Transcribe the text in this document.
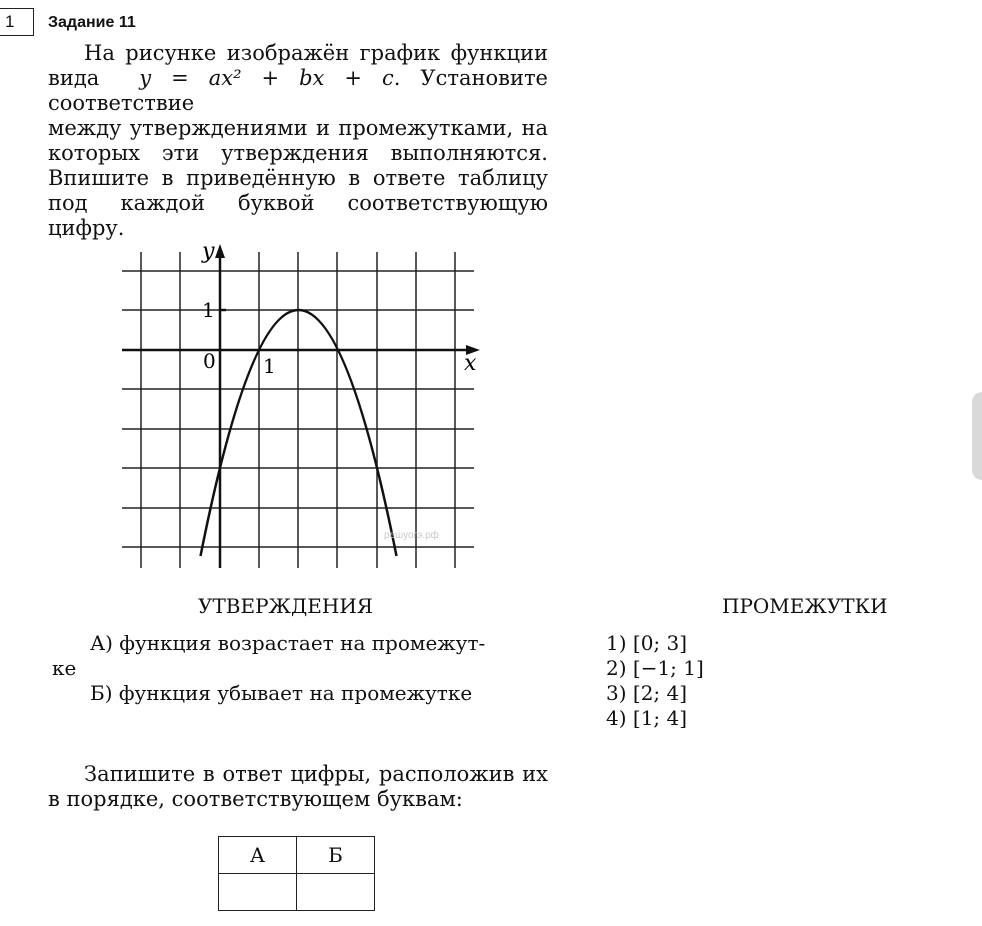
1	Задание 11
На рисунке изображён график функции
вида y = ax² + bx + c. Установите соответствие
между утверждениями и промежутками, на которых эти утверждения выполняются. Впишите в приведённую в ответе таблицу под каждой буквой соответствующую цифру.
y
x
0
1
1
решуогэ.рф
УТВЕРЖДЕНИЯ	ПРОМЕЖУТКИ
А) функция возрастает на промежут-
ке
Б) функция убывает на промежутке
1) [0; 3]
2) [−1; 1]
3) [2; 4]
4) [1; 4]
Запишите в ответ цифры, расположив их
в порядке, соответствующем буквам:
А	Б
